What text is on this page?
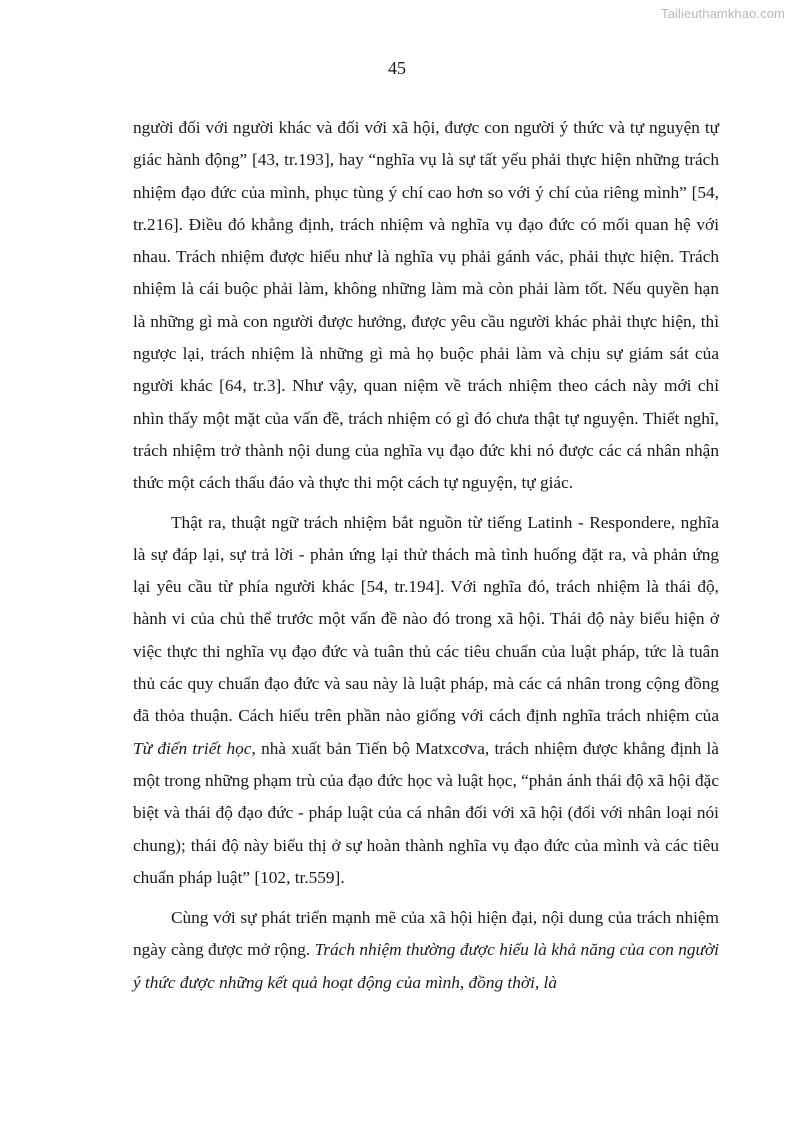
Tailieuthamkhao.com
45

người đối với người khác và đối với xã hội, được con người ý thức và tự nguyện tự giác hành động” [43, tr.193], hay “nghĩa vụ là sự tất yếu phải thực hiện những trách nhiệm đạo đức của mình, phục tùng ý chí cao hơn so với ý chí của riêng mình” [54, tr.216]. Điều đó khẳng định, trách nhiệm và nghĩa vụ đạo đức có mối quan hệ với nhau. Trách nhiệm được hiểu như là nghĩa vụ phải gánh vác, phải thực hiện. Trách nhiệm là cái buộc phải làm, không những làm mà còn phải làm tốt. Nếu quyền hạn là những gì mà con người được hưởng, được yêu cầu người khác phải thực hiện, thì ngược lại, trách nhiệm là những gì mà họ buộc phải làm và chịu sự giám sát của người khác [64, tr.3]. Như vậy, quan niệm về trách nhiệm theo cách này mới chỉ nhìn thấy một mặt của vấn đề, trách nhiệm có gì đó chưa thật tự nguyện. Thiết nghĩ, trách nhiệm trở thành nội dung của nghĩa vụ đạo đức khi nó được các cá nhân nhận thức một cách thấu đáo và thực thi một cách tự nguyện, tự giác.

Thật ra, thuật ngữ trách nhiệm bắt nguồn từ tiếng Latinh - Respondere, nghĩa là sự đáp lại, sự trả lời - phản ứng lại thử thách mà tình huống đặt ra, và phản ứng lại yêu cầu từ phía người khác [54, tr.194]. Với nghĩa đó, trách nhiệm là thái độ, hành vi của chủ thể trước một vấn đề nào đó trong xã hội. Thái độ này biểu hiện ở việc thực thi nghĩa vụ đạo đức và tuân thủ các tiêu chuẩn của luật pháp, tức là tuân thủ các quy chuẩn đạo đức và sau này là luật pháp, mà các cá nhân trong cộng đồng đã thỏa thuận. Cách hiểu trên phần nào giống với cách định nghĩa trách nhiệm của Từ điển triết học, nhà xuất bản Tiến bộ Matxcơva, trách nhiệm được khẳng định là một trong những phạm trù của đạo đức học và luật học, “phản ánh thái độ xã hội đặc biệt và thái độ đạo đức - pháp luật của cá nhân đối với xã hội (đối với nhân loại nói chung); thái độ này biểu thị ở sự hoàn thành nghĩa vụ đạo đức của mình và các tiêu chuẩn pháp luật” [102, tr.559].

Cùng với sự phát triển mạnh mẽ của xã hội hiện đại, nội dung của trách nhiệm ngày càng được mở rộng. Trách nhiệm thường được hiểu là khả năng của con người ý thức được những kết quả hoạt động của mình, đồng thời, là
